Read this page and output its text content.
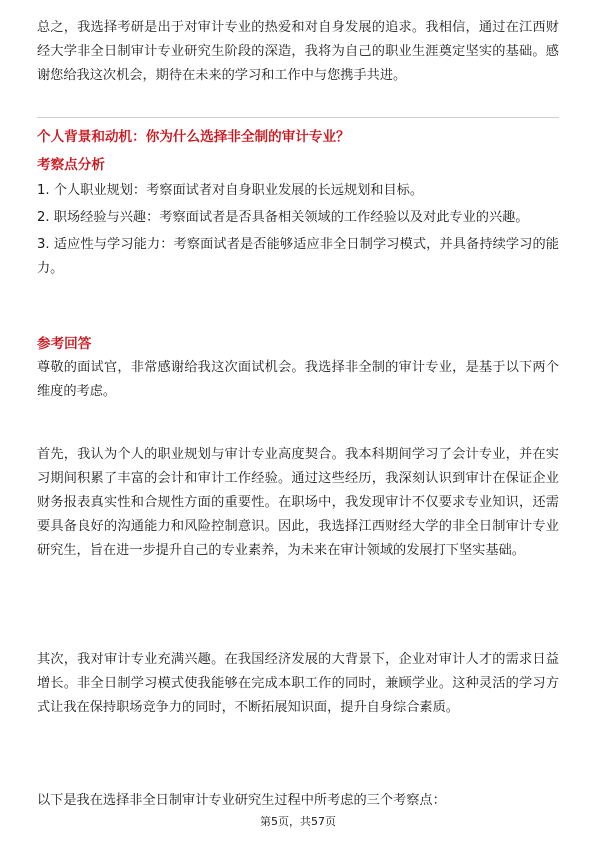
总之，我选择考研是出于对审计专业的热爱和对自身发展的追求。我相信，通过在江西财经大学非全日制审计专业研究生阶段的深造，我将为自己的职业生涯奠定坚实的基础。感谢您给我这次机会，期待在未来的学习和工作中与您携手共进。

个人背景和动机：你为什么选择非全制的审计专业？

考察点分析

1. 个人职业规划：考察面试者对自身职业发展的长远规划和目标。

2. 职场经验与兴趣：考察面试者是否具备相关领域的工作经验以及对此专业的兴趣。

3. 适应性与学习能力：考察面试者是否能够适应非全日制学习模式，并具备持续学习的能力。

参考回答

尊敬的面试官，非常感谢给我这次面试机会。我选择非全制的审计专业，是基于以下两个维度的考虑。

首先，我认为个人的职业规划与审计专业高度契合。我本科期间学习了会计专业，并在实习期间积累了丰富的会计和审计工作经验。通过这些经历，我深刻认识到审计在保证企业财务报表真实性和合规性方面的重要性。在职场中，我发现审计不仅要求专业知识，还需要具备良好的沟通能力和风险控制意识。因此，我选择江西财经大学的非全日制审计专业研究生，旨在进一步提升自己的专业素养，为未来在审计领域的发展打下坚实基础。

其次，我对审计专业充满兴趣。在我国经济发展的大背景下，企业对审计人才的需求日益增长。非全日制学习模式使我能够在完成本职工作的同时，兼顾学业。这种灵活的学习方式让我在保持职场竞争力的同时，不断拓展知识面，提升自身综合素质。

以下是我在选择非全日制审计专业研究生过程中所考虑的三个考察点：

第5页，共57页
